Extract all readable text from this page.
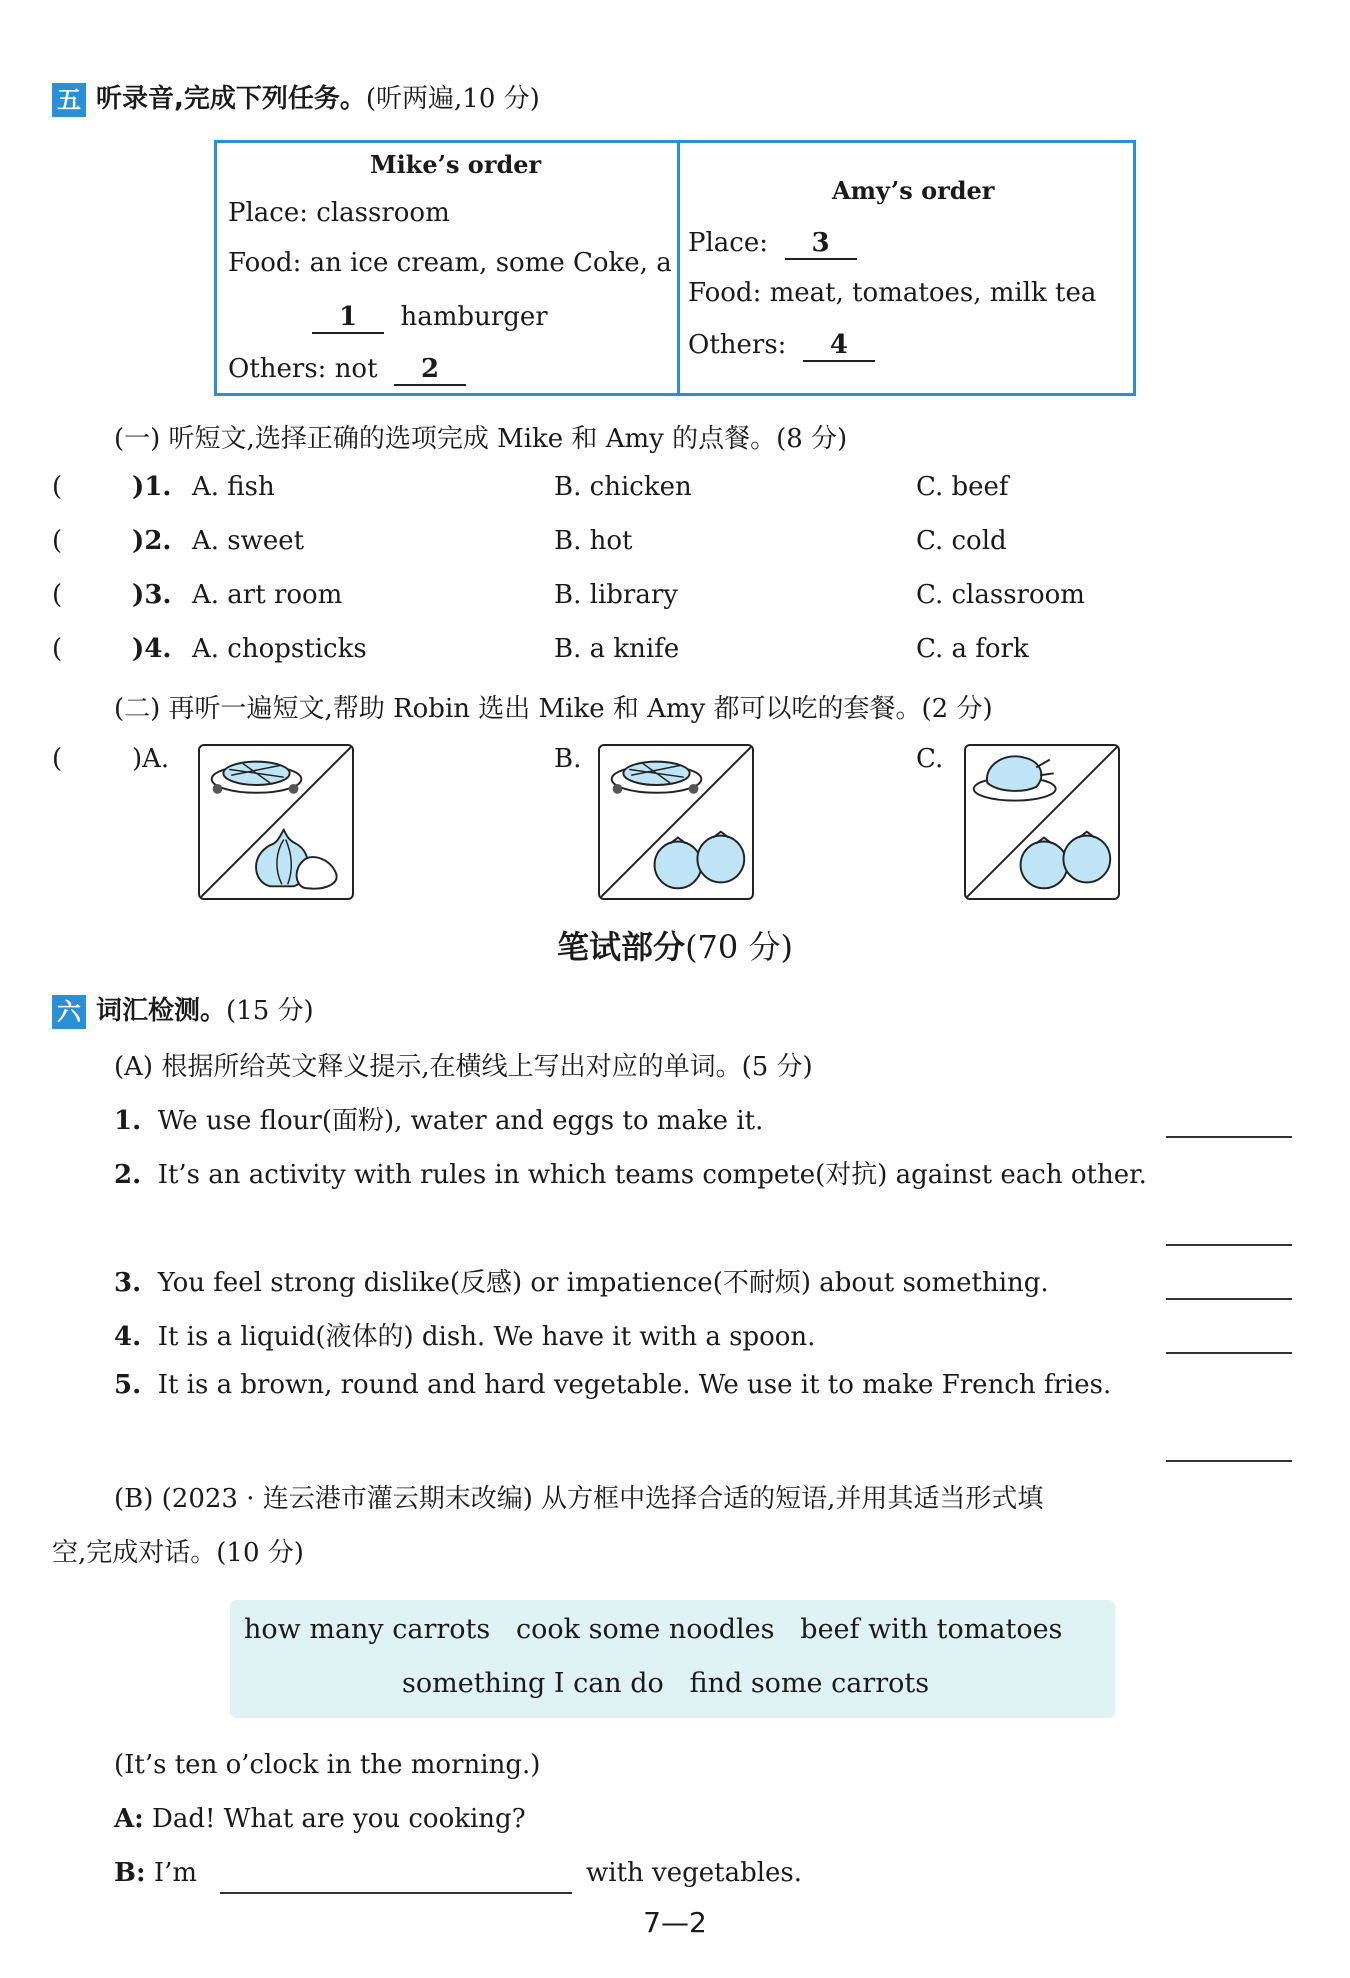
五 听录音,完成下列任务。(听两遍,10 分)
Mike’s order
Place: classroom
Food: an ice cream, some Coke, a
1 hamburger
Others: not 2
Amy’s order
Place: 3
Food: meat, tomatoes, milk tea
Others: 4
(一) 听短文,选择正确的选项完成 Mike 和 Amy 的点餐。(8 分)
(	)1. A. fish	B. chicken	C. beef
(	)2. A. sweet	B. hot	C. cold
(	)3. A. art room	B. library	C. classroom
(	)4. A. chopsticks	B. a knife	C. a fork
(二) 再听一遍短文,帮助 Robin 选出 Mike 和 Amy 都可以吃的套餐。(2 分)
(	)A.	B.	C.
笔试部分(70 分)
六 词汇检测。(15 分)
(A) 根据所给英文释义提示,在横线上写出对应的单词。(5 分)
1. We use flour(面粉), water and eggs to make it.
2. It’s an activity with rules in which teams compete(对抗) against each other.
3. You feel strong dislike(反感) or impatience(不耐烦) about something.
4. It is a liquid(液体的) dish. We have it with a spoon.
5. It is a brown, round and hard vegetable. We use it to make French fries.
(B) (2023 · 连云港市灌云期末改编) 从方框中选择合适的短语,并用其适当形式填
空,完成对话。(10 分)
how many carrots cook some noodles beef with tomatoes
something I can do find some carrots
(It’s ten o’clock in the morning.)
A: Dad! What are you cooking?
B: I’m	with vegetables.
7—2
